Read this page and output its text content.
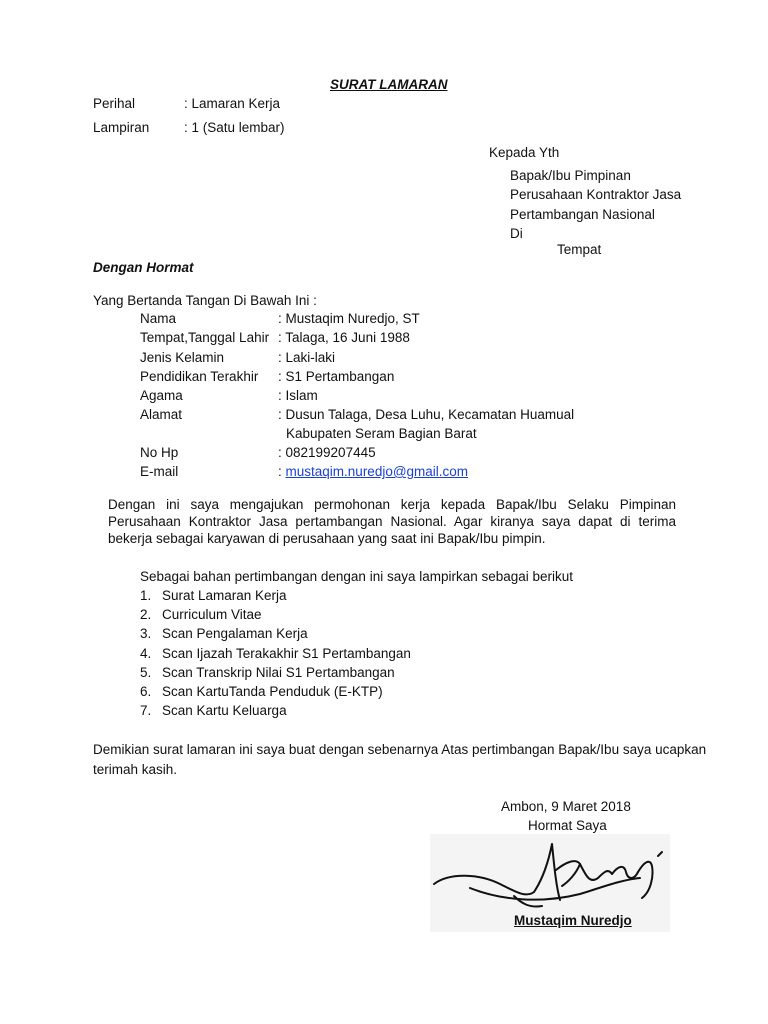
SURAT LAMARAN
Perihal	: Lamaran Kerja
Lampiran	: 1 (Satu lembar)
Kepada Yth
Bapak/Ibu Pimpinan
Perusahaan Kontraktor Jasa
Pertambangan Nasional
Di
Tempat
Dengan Hormat
Yang Bertanda Tangan Di Bawah Ini :
Nama	: Mustaqim Nuredjo, ST
Tempat,Tanggal Lahir : Talaga, 16 Juni 1988
Jenis Kelamin	: Laki-laki
Pendidikan Terakhir : S1 Pertambangan
Agama	: Islam
Alamat	: Dusun Talaga, Desa Luhu, Kecamatan Huamual
Kabupaten Seram Bagian Barat
No Hp	: 082199207445
E-mail	: mustaqim.nuredjo@gmail.com
Dengan ini saya mengajukan permohonan kerja kepada Bapak/Ibu Selaku Pimpinan Perusahaan Kontraktor Jasa pertambangan Nasional. Agar kiranya saya dapat di terima bekerja sebagai karyawan di perusahaan yang saat ini Bapak/Ibu pimpin.
Sebagai bahan pertimbangan dengan ini saya lampirkan sebagai berikut
1. Surat Lamaran Kerja
2. Curriculum Vitae
3. Scan Pengalaman Kerja
4. Scan Ijazah Terakakhir S1 Pertambangan
5. Scan Transkrip Nilai S1 Pertambangan
6. Scan KartuTanda Penduduk (E-KTP)
7. Scan Kartu Keluarga
Demikian surat lamaran ini saya buat dengan sebenarnya Atas pertimbangan Bapak/Ibu saya ucapkan
terimah kasih.
Ambon, 9 Maret 2018
Hormat Saya
Mustaqim Nuredjo
